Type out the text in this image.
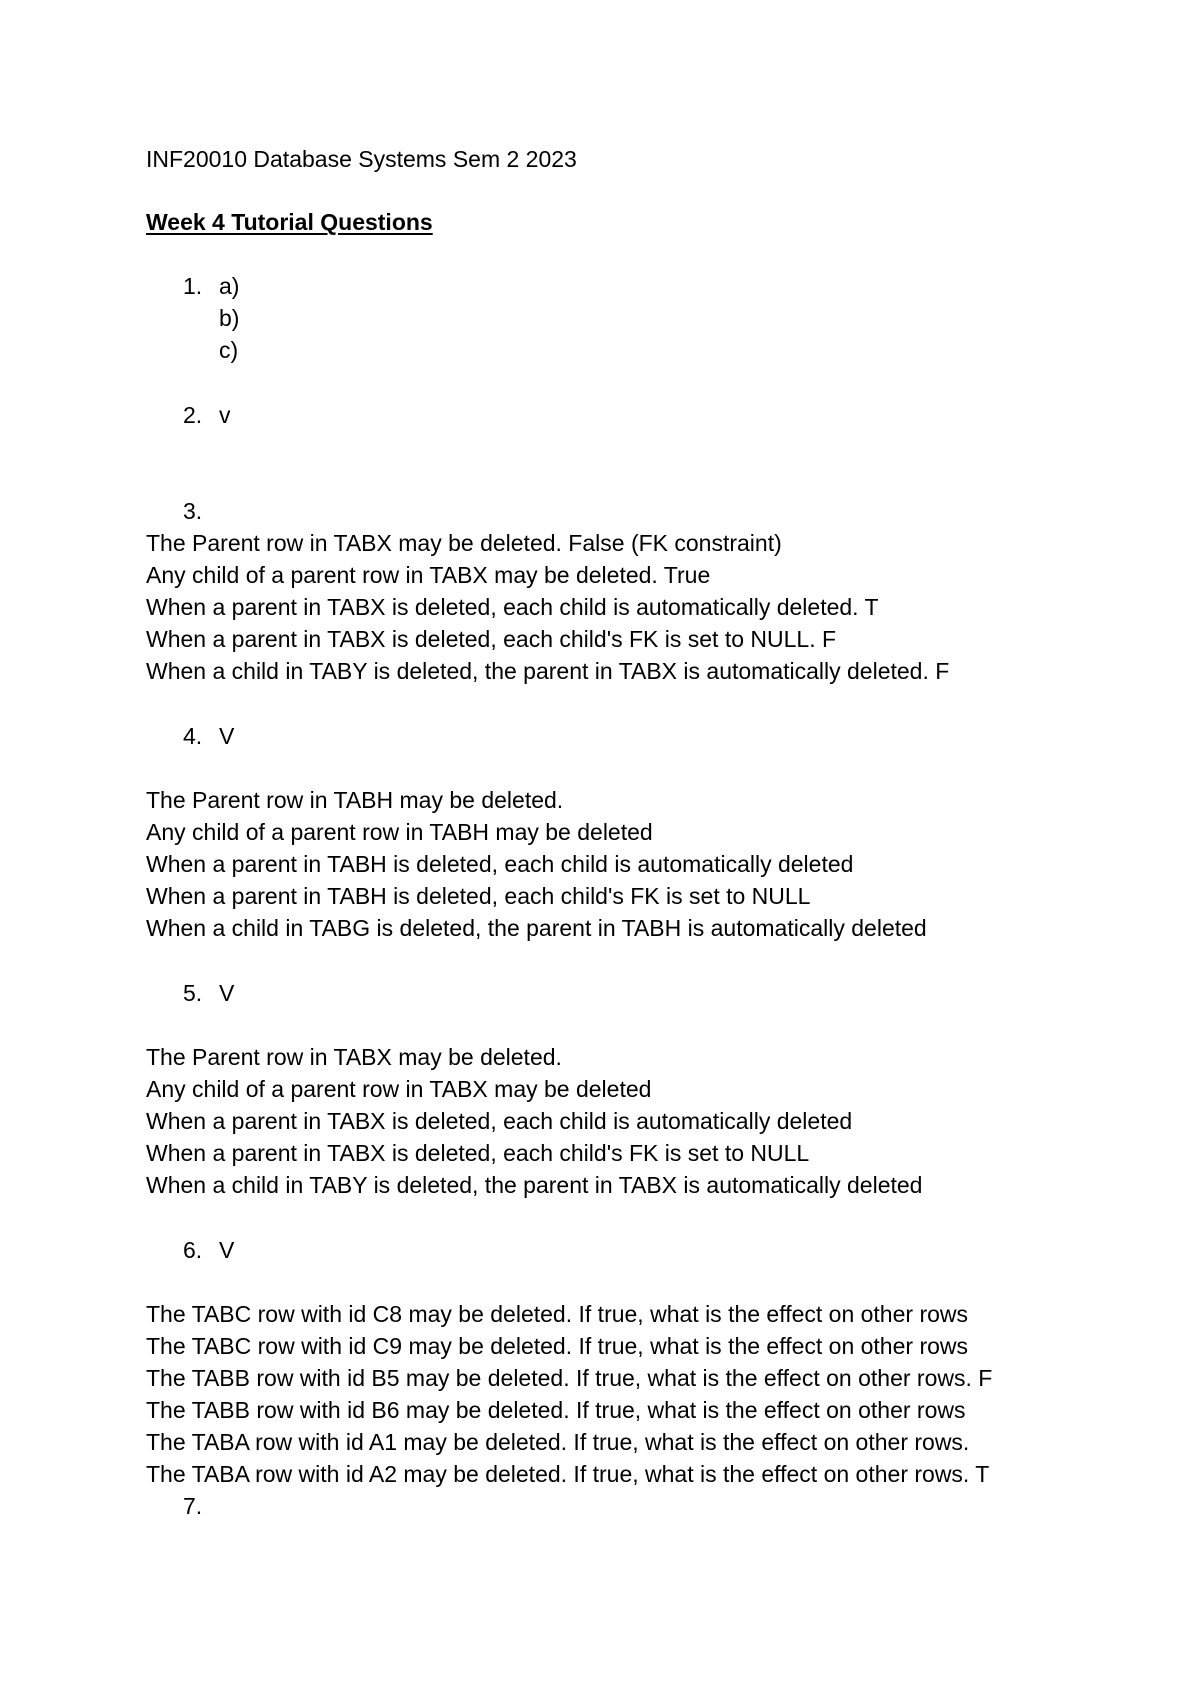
INF20010 Database Systems Sem 2 2023
Week 4 Tutorial Questions
1. a)
b)
c)
2. v
3.
The Parent row in TABX may be deleted. False (FK constraint)
Any child of a parent row in TABX may be deleted. True
When a parent in TABX is deleted, each child is automatically deleted. T
When a parent in TABX is deleted, each child's FK is set to NULL. F
When a child in TABY is deleted, the parent in TABX is automatically deleted. F
4. V
The Parent row in TABH may be deleted.
Any child of a parent row in TABH may be deleted
When a parent in TABH is deleted, each child is automatically deleted
When a parent in TABH is deleted, each child's FK is set to NULL
When a child in TABG is deleted, the parent in TABH is automatically deleted
5. V
The Parent row in TABX may be deleted.
Any child of a parent row in TABX may be deleted
When a parent in TABX is deleted, each child is automatically deleted
When a parent in TABX is deleted, each child's FK is set to NULL
When a child in TABY is deleted, the parent in TABX is automatically deleted
6. V
The TABC row with id C8 may be deleted. If true, what is the effect on other rows
The TABC row with id C9 may be deleted. If true, what is the effect on other rows
The TABB row with id B5 may be deleted. If true, what is the effect on other rows. F
The TABB row with id B6 may be deleted. If true, what is the effect on other rows
The TABA row with id A1 may be deleted. If true, what is the effect on other rows.
The TABA row with id A2 may be deleted. If true, what is the effect on other rows. T
7.
